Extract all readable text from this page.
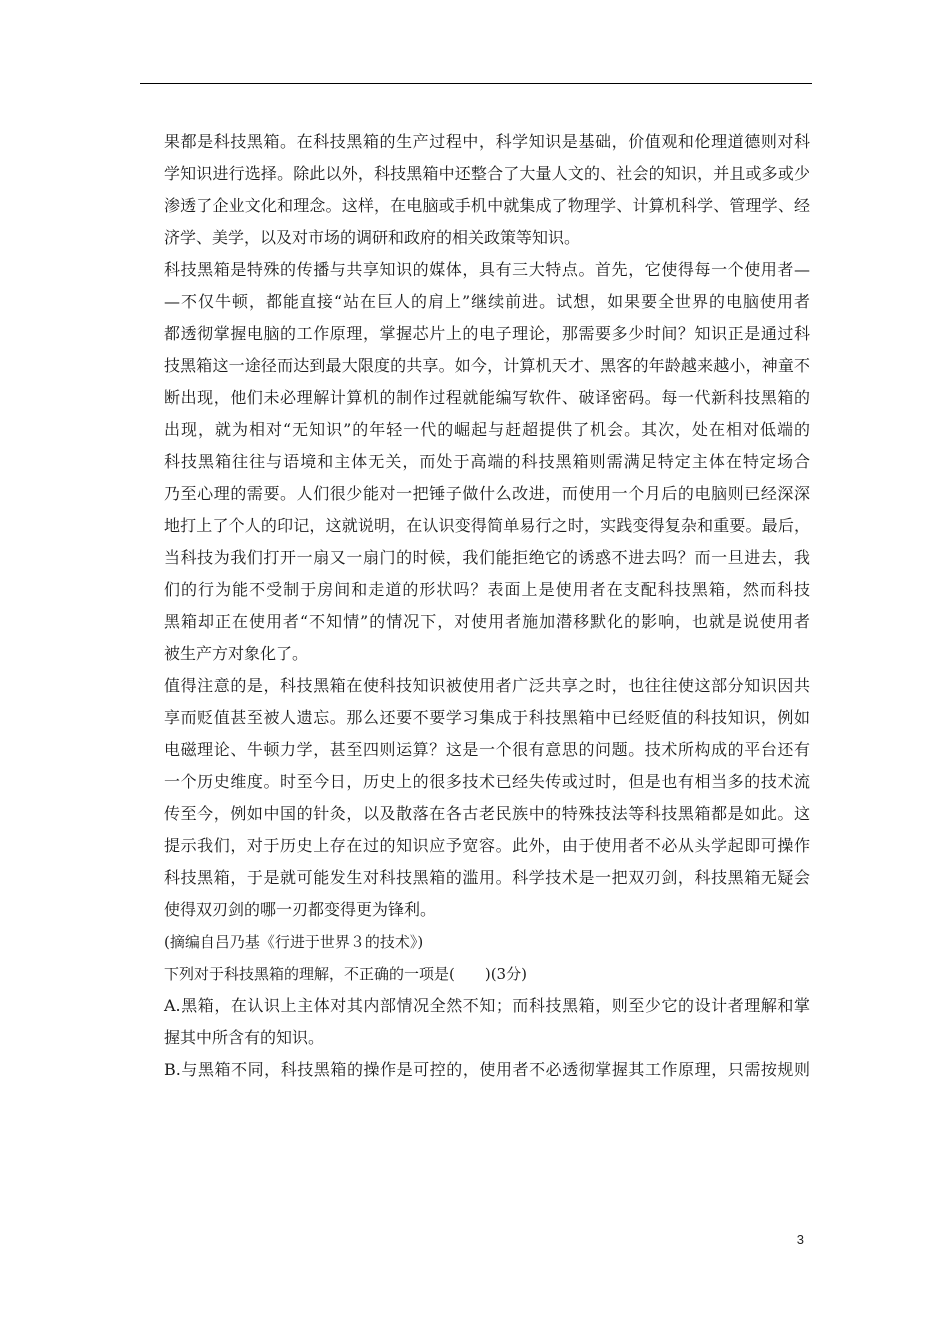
果都是科技黑箱。在科技黑箱的生产过程中，科学知识是基础，价值观和伦理道德则对科
学知识进行选择。除此以外，科技黑箱中还整合了大量人文的、社会的知识，并且或多或少
渗透了企业文化和理念。这样，在电脑或手机中就集成了物理学、计算机科学、管理学、经
济学、美学，以及对市场的调研和政府的相关政策等知识。
科技黑箱是特殊的传播与共享知识的媒体，具有三大特点。首先，它使得每一个使用者—
—不仅牛顿，都能直接“站在巨人的肩上”继续前进。试想，如果要全世界的电脑使用者
都透彻掌握电脑的工作原理，掌握芯片上的电子理论，那需要多少时间？知识正是通过科
技黑箱这一途径而达到最大限度的共享。如今，计算机天才、黑客的年龄越来越小，神童不
断出现，他们未必理解计算机的制作过程就能编写软件、破译密码。每一代新科技黑箱的
出现，就为相对“无知识”的年轻一代的崛起与赶超提供了机会。其次，处在相对低端的
科技黑箱往往与语境和主体无关，而处于高端的科技黑箱则需满足特定主体在特定场合
乃至心理的需要。人们很少能对一把锤子做什么改进，而使用一个月后的电脑则已经深深
地打上了个人的印记，这就说明，在认识变得简单易行之时，实践变得复杂和重要。最后，
当科技为我们打开一扇又一扇门的时候，我们能拒绝它的诱惑不进去吗？而一旦进去，我
们的行为能不受制于房间和走道的形状吗？表面上是使用者在支配科技黑箱，然而科技
黑箱却正在使用者“不知情”的情况下，对使用者施加潜移默化的影响，也就是说使用者
被生产方对象化了。
值得注意的是，科技黑箱在使科技知识被使用者广泛共享之时，也往往使这部分知识因共
享而贬值甚至被人遗忘。那么还要不要学习集成于科技黑箱中已经贬值的科技知识，例如
电磁理论、牛顿力学，甚至四则运算？这是一个很有意思的问题。技术所构成的平台还有
一个历史维度。时至今日，历史上的很多技术已经失传或过时，但是也有相当多的技术流
传至今，例如中国的针灸，以及散落在各古老民族中的特殊技法等科技黑箱都是如此。这
提示我们，对于历史上存在过的知识应予宽容。此外，由于使用者不必从头学起即可操作
科技黑箱，于是就可能发生对科技黑箱的滥用。科学技术是一把双刃剑，科技黑箱无疑会
使得双刃剑的哪一刃都变得更为锋利。
(摘编自吕乃基《行进于世界３的技术》)
下列对于科技黑箱的理解，不正确的一项是(　　)(3分)
A.黑箱，在认识上主体对其内部情况全然不知；而科技黑箱，则至少它的设计者理解和掌
握其中所含有的知识。
B.与黑箱不同，科技黑箱的操作是可控的，使用者不必透彻掌握其工作原理，只需按规则
3
